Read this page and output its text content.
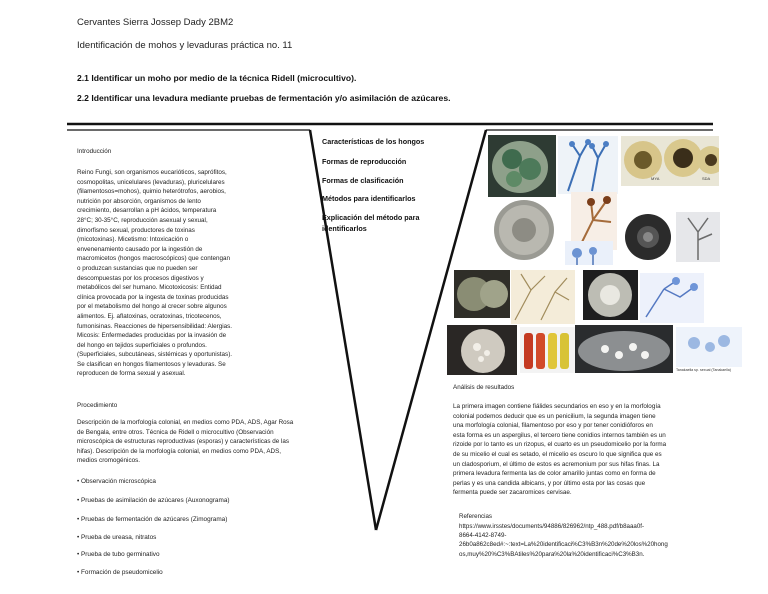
Cervantes Sierra Jossep Dady 2BM2
Identificación de mohos y levaduras práctica no. 11
2.1 Identificar un moho por medio de la técnica Ridell (microcultivo).
2.2 Identificar una levadura mediante pruebas de fermentación y/o asimilación de azúcares.
Introducción
Reino Fungi, son organismos eucarióticos, saprófitos,
cosmopolitas, unicelulares (levaduras), pluricelulares
(filamentosos=mohos), quimio heterótrofos, aerobios,
nutrición por absorción, organismos de lento
crecimiento, desarrollan a pH ácidos, temperatura
28°C; 30-35°C, reproducción asexual y sexual,
dimorfismo sexual, productores de toxinas
(micotoxinas). Micetismo: Intoxicación o
envenenamiento causado por la ingestión de
macromicetos (hongos macroscópicos) que contengan
o produzcan sustancias que no pueden ser
descompuestas por los procesos digestivos y
metabólicos del ser humano. Micotoxicosis: Entidad
clínica provocada por la ingesta de toxinas producidas
por el metabolismo del hongo al crecer sobre algunos
alimentos. Ej. aflatoxinas, ocratoxinas, tricotecenos,
fumonisinas. Reacciones de hipersensibilidad: Alergias.
Micosis: Enfermedades producidas por la invasión de
del hongo en tejidos superficiales o profundos.
(Superficiales, subcutáneas, sistémicas y oportunistas).
Se clasifican en hongos filamentosos y levaduras. Se
reproducen de forma sexual y asexual.
Procedimiento
Descripción de la morfología colonial, en medios como PDA, ADS, Agar Rosa
de Bengala, entre otros. Técnica de Ridell o microcultivo (Observación
microscópica de estructuras reproductivas (esporas) y características de las
hifas). Descripción de la morfología colonial, en medios como PDA, ADS,
medios cromogénicos.
• Observación microscópica
• Pruebas de asimilación de azúcares (Auxonograma)
• Pruebas de fermentación de azúcares (Zimograma)
• Prueba de ureasa, nitratos
• Prueba de tubo germinativo
• Formación de pseudomicelio
Características de los hongos
Formas de reproducción
Formas de clasificación
Métodos para identificarlos
Explicación del método para
identificarlos
MYA	SDA
Tanakaella sp. sexual (Tanakaella)
Análisis de resultados
La primera imagen contiene fiálides secundarios en eso y en la morfología
colonial podemos deducir que es un penicilium, la segunda imagen tiene
una morfología colonial, filamentoso por eso y por tener conidióforos en
esta forma es un aspergilus, el tercero tiene conidios internos también es un
rizoide por lo tanto es un rizopus, el cuarto es un pseudomicelio por la forma
de su micelio el cual es setado, el micelio es oscuro lo que significa que es
un cladosporium, el último de estos es acremonium por sus hifas finas. La
primera levadura fermenta las de color amarillo juntas como en forma de
perlas y es una candida albicans, y por último esta por las cosas que
fermenta puede ser zacaromices cervisae.
Referencias
https://www.irsstes/documents/94886/826962/ntp_488.pdf/b8aaa0f-
8664-4142-8749-
26b0a862c8ed#:~:text=La%20identificaci%C3%B3n%20de%20los%20hong
os,muy%20%C3%BAtiles%20para%20la%20identificaci%C3%B3n.
